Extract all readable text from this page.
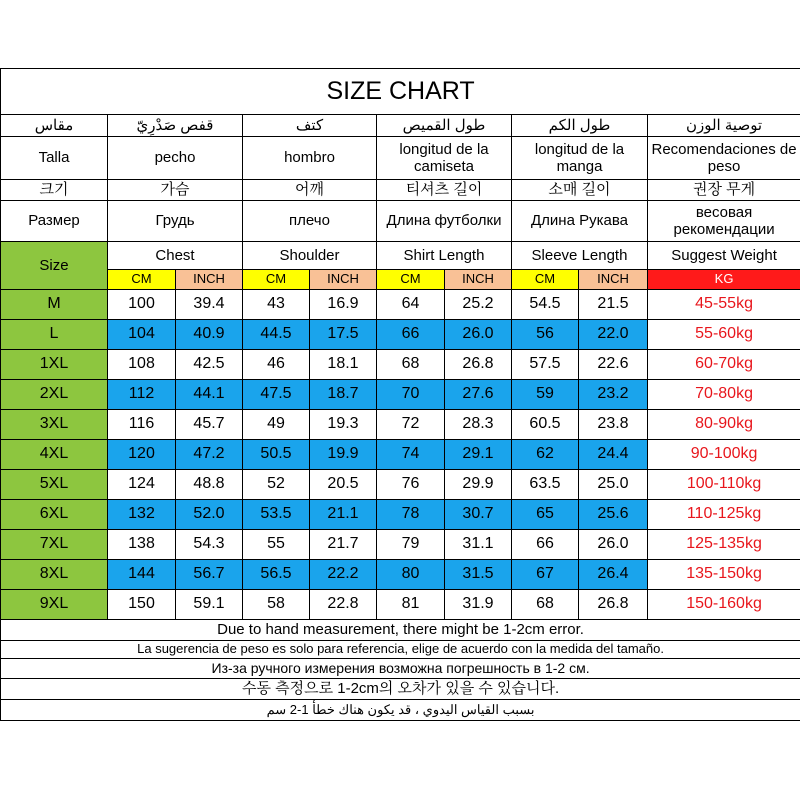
SIZE CHART									
مقاس	قفص صَدْرِيّ		كتف		طول القميص		طول الكم		توصية الوزن
Talla	pecho		hombro		longitud de la camiseta		longitud de la manga		Recomendaciones de peso
크기	가슴		어깨		티셔츠 길이		소매 길이		권장 무게
Размер	Грудь		плечо		Длина футболки		Длина Рукава		весовая рекомендации
Size	Chest		Shoulder		Shirt Length		Sleeve Length		Suggest Weight
	CM	INCH	CM	INCH	CM	INCH	CM	INCH	KG
M	100	39.4	43	16.9	64	25.2	54.5	21.5	45-55kg
L	104	40.9	44.5	17.5	66	26.0	56	22.0	55-60kg
1XL	108	42.5	46	18.1	68	26.8	57.5	22.6	60-70kg
2XL	112	44.1	47.5	18.7	70	27.6	59	23.2	70-80kg
3XL	116	45.7	49	19.3	72	28.3	60.5	23.8	80-90kg
4XL	120	47.2	50.5	19.9	74	29.1	62	24.4	90-100kg
5XL	124	48.8	52	20.5	76	29.9	63.5	25.0	100-110kg
6XL	132	52.0	53.5	21.1	78	30.7	65	25.6	110-125kg
7XL	138	54.3	55	21.7	79	31.1	66	26.0	125-135kg
8XL	144	56.7	56.5	22.2	80	31.5	67	26.4	135-150kg
9XL	150	59.1	58	22.8	81	31.9	68	26.8	150-160kg
Due to hand measurement, there might be 1-2cm error.									
La sugerencia de peso es solo para referencia, elige de acuerdo con la medida del tamaño.									
Из-за ручного измерения возможна погрешность в 1-2 см.									
수동 측정으로 1-2cm의 오차가 있을 수 있습니다.									
بسبب القياس اليدوي ، قد يكون هناك خطأ 1-2 سم									
